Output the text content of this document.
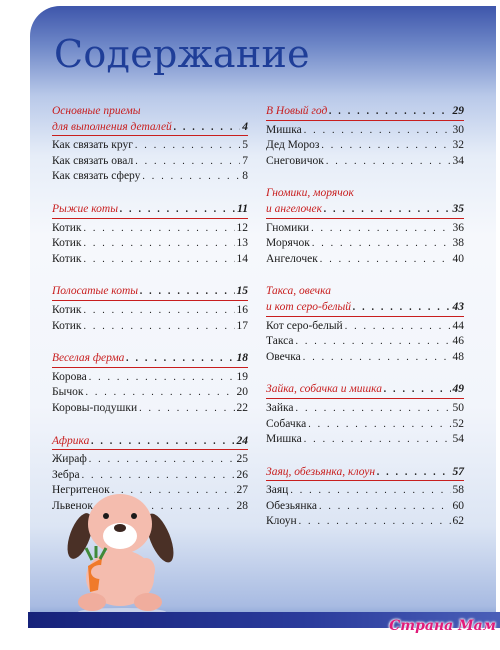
Содержание
Основные приемы
для выполнения деталей . . .	4
Как связать круг . . .	5
Как связать овал . . .	7
Как связать сферу . . .	8
Рыжие коты . . .	11
Котик . . .	12
Котик . . .	13
Котик . . .	14
Полосатые коты . . .	15
Котик . . .	16
Котик . . .	17
Веселая ферма . . .	18
Корова . . .	19
Бычок . . .	20
Коровы-подушки . . .	22
Африка . . .	24
Жираф . . .	25
Зебра . . .	26
Негритенок . . .	27
Львенок . . .	28
В Новый год . . .	29
Мишка . . .	30
Дед Мороз . . .	32
Снеговичок . . .	34
Гномики, морячок
и ангелочек . . .	35
Гномики . . .	36
Морячок . . .	38
Ангелочек . . .	40
Такса, овечка
и кот серо-белый . . .	43
Кот серо-белый . . .	44
Такса . . .	46
Овечка . . .	48
Зайка, собачка и мишка . . .	49
Зайка . . .	50
Собачка . . .	52
Мишка . . .	54
Заяц, обезьянка, клоун . . .	57
Заяц . . .	58
Обезьянка . . .	60
Клоун . . .	62
Страна Мам
